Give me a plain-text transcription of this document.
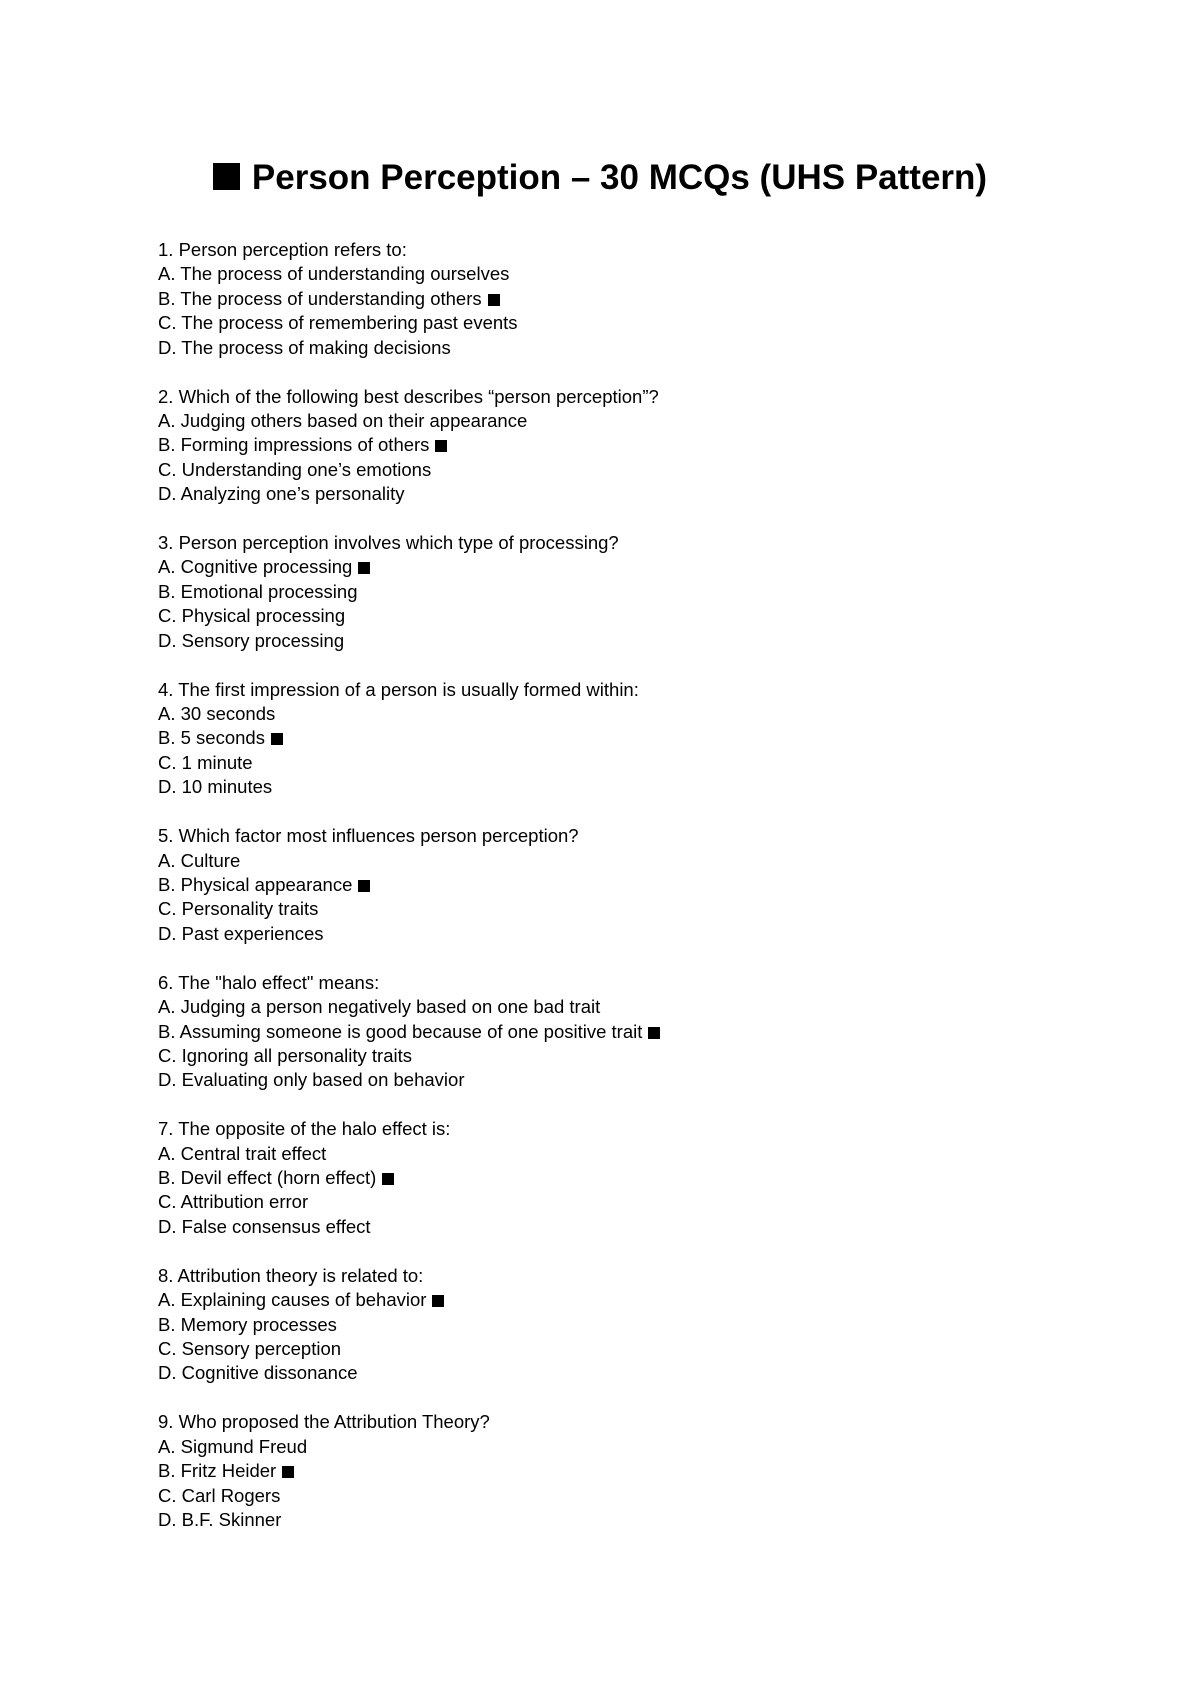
Person Perception – 30 MCQs (UHS Pattern)
1. Person perception refers to:
A. The process of understanding ourselves
B. The process of understanding others
C. The process of remembering past events
D. The process of making decisions
2. Which of the following best describes “person perception”?
A. Judging others based on their appearance
B. Forming impressions of others
C. Understanding one’s emotions
D. Analyzing one’s personality
3. Person perception involves which type of processing?
A. Cognitive processing
B. Emotional processing
C. Physical processing
D. Sensory processing
4. The first impression of a person is usually formed within:
A. 30 seconds
B. 5 seconds
C. 1 minute
D. 10 minutes
5. Which factor most influences person perception?
A. Culture
B. Physical appearance
C. Personality traits
D. Past experiences
6. The "halo effect" means:
A. Judging a person negatively based on one bad trait
B. Assuming someone is good because of one positive trait
C. Ignoring all personality traits
D. Evaluating only based on behavior
7. The opposite of the halo effect is:
A. Central trait effect
B. Devil effect (horn effect)
C. Attribution error
D. False consensus effect
8. Attribution theory is related to:
A. Explaining causes of behavior
B. Memory processes
C. Sensory perception
D. Cognitive dissonance
9. Who proposed the Attribution Theory?
A. Sigmund Freud
B. Fritz Heider
C. Carl Rogers
D. B.F. Skinner
